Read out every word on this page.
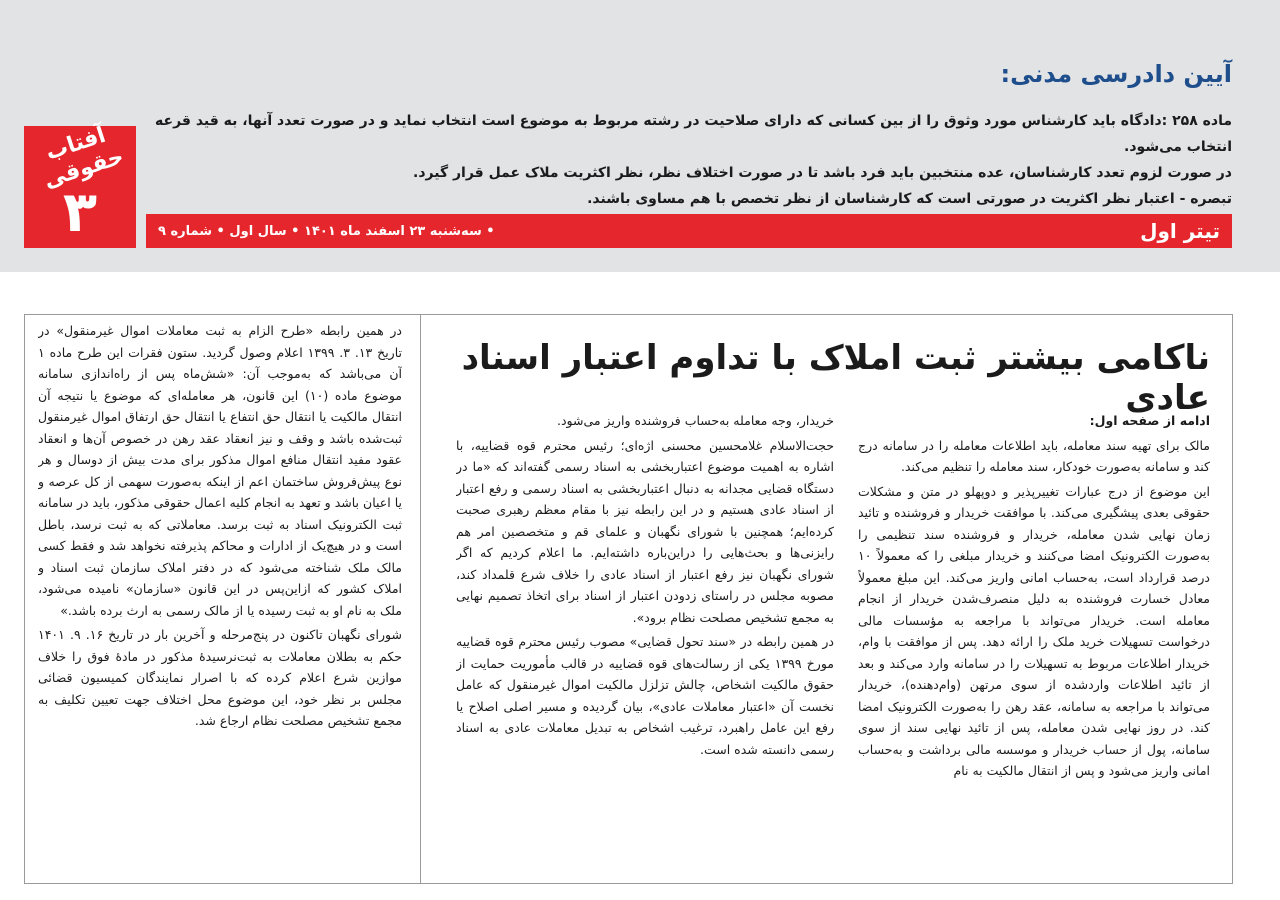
آیین دادرسی مدنی:

ماده ۲۵۸ :دادگاه باید کارشناس مورد وثوق را از بین کسانی که دارای صلاحیت در رشته مربوط به موضوع است انتخاب نماید و در صورت تعدد آنها، به قید قرعه انتخاب می‌شود.

در صورت لزوم تعدد کارشناسان، عده منتخبین باید فرد باشد تا در صورت اختلاف نظر، نظر اکثریت ملاک عمل قرار گیرد.

تبصره - اعتبار نظر اکثریت در صورتی است که کارشناسان از نظر تخصص با هم مساوی باشند.

آفتاب حقوقی
۳	تیتر اول
• سه‌شنبه ۲۳ اسفند ماه ۱۴۰۱ • سال اول • شماره ۹
ناکامی بیشتر ثبت املاک با تداوم اعتبار اسناد عادی

ادامه از صفحه اول:

مالک برای تهیه سند معامله، باید اطلاعات معامله را در سامانه درج کند و سامانه به‌صورت خودکار، سند معامله را تنظیم می‌کند.

این موضوع از درج عبارات تغییرپذیر و دوپهلو در متن و مشکلات حقوقی بعدی پیشگیری می‌کند. با موافقت خریدار و فروشنده و تائید زمان نهایی شدن معامله، خریدار و فروشنده سند تنظیمی را به‌صورت الکترونیک امضا می‌کنند و خریدار مبلغی را که معمولاً ۱۰ درصد قرارداد است، به‌حساب امانی واریز می‌کند. این مبلغ معمولاً معادل خسارت فروشنده به دلیل منصرف‌شدن خریدار از انجام معامله است. خریدار می‌تواند با مراجعه به مؤسسات مالی درخواست تسهیلات خرید ملک را ارائه دهد. پس از موافقت با وام، خریدار اطلاعات مربوط به تسهیلات را در سامانه وارد می‌کند و بعد از تائید اطلاعات واردشده از سوی مرتهن (وام‌دهنده)، خریدار می‌تواند با مراجعه به سامانه، عقد رهن را به‌صورت الکترونیک امضا کند. در روز نهایی شدن معامله، پس از تائید نهایی سند از سوی سامانه، پول از حساب خریدار و موسسه مالی برداشت و به‌حساب امانی واریز می‌شود و پس از انتقال مالکیت به نام

خریدار، وجه معامله به‌حساب فروشنده واریز می‌شود.

حجت‌الاسلام غلامحسین محسنی اژه‌ای؛ رئیس محترم قوه قضاییه، با اشاره به اهمیت موضوع اعتباربخشی به اسناد رسمی گفته‌اند که «ما در دستگاه قضایی مجدانه به دنبال اعتباربخشی به اسناد رسمی و رفع اعتبار از اسناد عادی هستیم و در این رابطه نیز با مقام معظم رهبری صحبت کرده‌ایم؛ همچنین با شورای نگهبان و علمای قم و متخصصین امر هم رایزنی‌ها و بحث‌هایی را دراین‌باره داشته‌ایم. ما اعلام کردیم که اگر شورای نگهبان نیز رفع اعتبار از اسناد عادی را خلاف شرع قلمداد کند، مصوبه مجلس در راستای زدودن اعتبار از اسناد برای اتخاذ تصمیم نهایی به مجمع تشخیص مصلحت نظام برود».

در همین رابطه در «سند تحول قضایی» مصوب رئیس محترم قوه قضاییه مورخ ۱۳۹۹ یکی از رسالت‌های قوه قضاییه در قالب مأموریت حمایت از حقوق مالکیت اشخاص، چالش تزلزل مالکیت اموال غیرمنقول که عامل نخست آن «اعتبار معاملات عادی»، بیان گردیده و مسیر اصلی اصلاح یا رفع این عامل راهبرد، ترغیب اشخاص به تبدیل معاملات عادی به اسناد رسمی دانسته شده است.

در همین رابطه «طرح الزام به ثبت معاملات اموال غیرمنقول» در تاریخ ۱۳. ۳. ۱۳۹۹ اعلام وصول گردید. ستون فقرات این طرح ماده ۱ آن می‌باشد که به‌موجب آن: «شش‌ماه پس از راه‌اندازی سامانه موضوع ماده (۱۰) این قانون، هر معامله‌ای که موضوع یا نتیجه آن انتقال مالکیت یا انتقال حق انتفاع یا انتقال حق ارتفاق اموال غیرمنقول ثبت‌شده باشد و وقف و نیز انعقاد عقد رهن در خصوص آن‌ها و انعقاد عقود مفید انتقال منافع اموال مذکور برای مدت بیش از دوسال و هر نوع پیش‌فروش ساختمان اعم از اینکه به‌صورت سهمی از کل عرصه و یا اعیان باشد و تعهد به انجام کلیه اعمال حقوقی مذکور، باید در سامانه ثبت الکترونیک اسناد به ثبت برسد. معاملاتی که به ثبت نرسد، باطل است و در هیچ‌یک از ادارات و محاکم پذیرفته نخواهد شد و فقط کسی مالک ملک شناخته می‌شود که در دفتر املاک سازمان ثبت اسناد و املاک کشور که ازاین‌پس در این قانون «سازمان» نامیده می‌شود، ملک به نام او به ثبت رسیده یا از مالک رسمی به ارث برده باشد.»

شورای نگهبان تاکنون در پنج‌مرحله و آخرین بار در تاریخ ۱۶. ۹. ۱۴۰۱ حکم به بطلان معاملات به ثبت‌نرسیدهٔ مذکور در مادهٔ فوق را خلاف موازین شرع اعلام کرده که با اصرار نمایندگان کمیسیون قضائی مجلس بر نظر خود، این موضوع محل اختلاف جهت تعیین تکلیف به مجمع تشخیص مصلحت نظام ارجاع شد.
